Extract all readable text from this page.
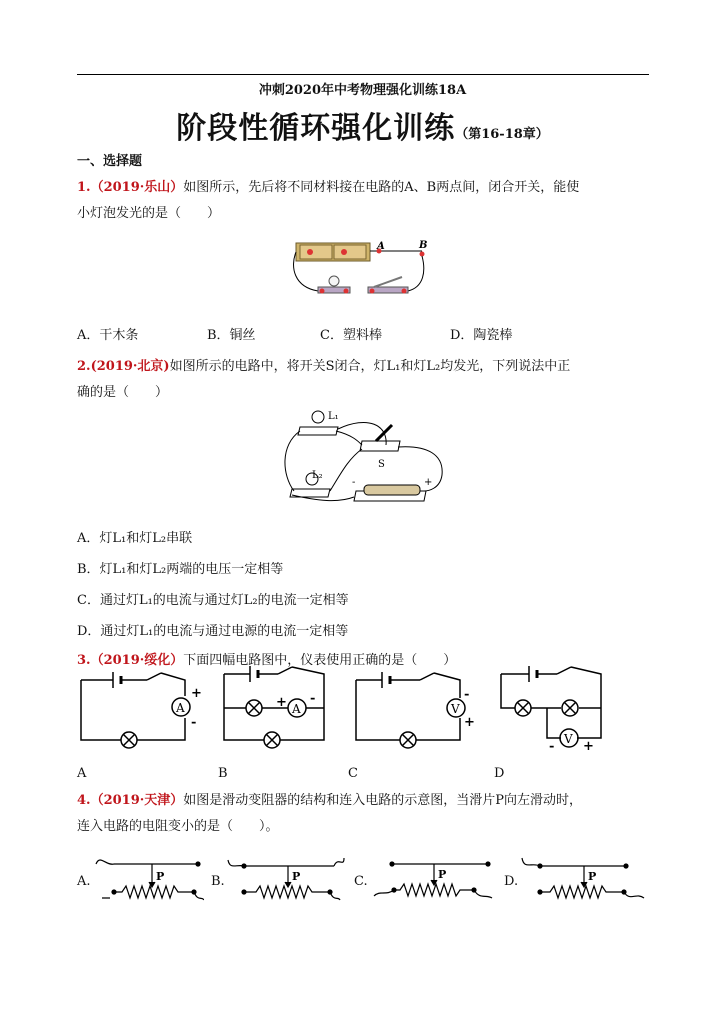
冲刺2020年中考物理强化训练18A
阶段性循环强化训练（第16-18章）
一、选择题
1.（2019·乐山）如图所示，先后将不同材料接在电路的A、B两点间，闭合开关，能使
小灯泡发光的是（　　）
A	B
A．干木条	B．铜丝	C．塑料棒	D．陶瓷棒
2.(2019·北京)如图所示的电路中，将开关S闭合，灯L₁和灯L₂均发光，下列说法中正
确的是（　　）
L₁
L₂
S
-	+
A．灯L₁和灯L₂串联
B．灯L₁和灯L₂两端的电压一定相等
C．通过灯L₁的电流与通过灯L₂的电流一定相等
D．通过灯L₁的电流与通过电源的电流一定相等
3.（2019·绥化）下面四幅电路图中，仪表使用正确的是（　　）
A
+
-
A
+ -
V
-
+
V
- +
A	B	C	D
4.（2019·天津）如图是滑动变阻器的结构和连入电路的示意图，当滑片P向左滑动时，
连入电路的电阻变小的是（　　）。
A.	B.	C.	D.
P	P	P	P
